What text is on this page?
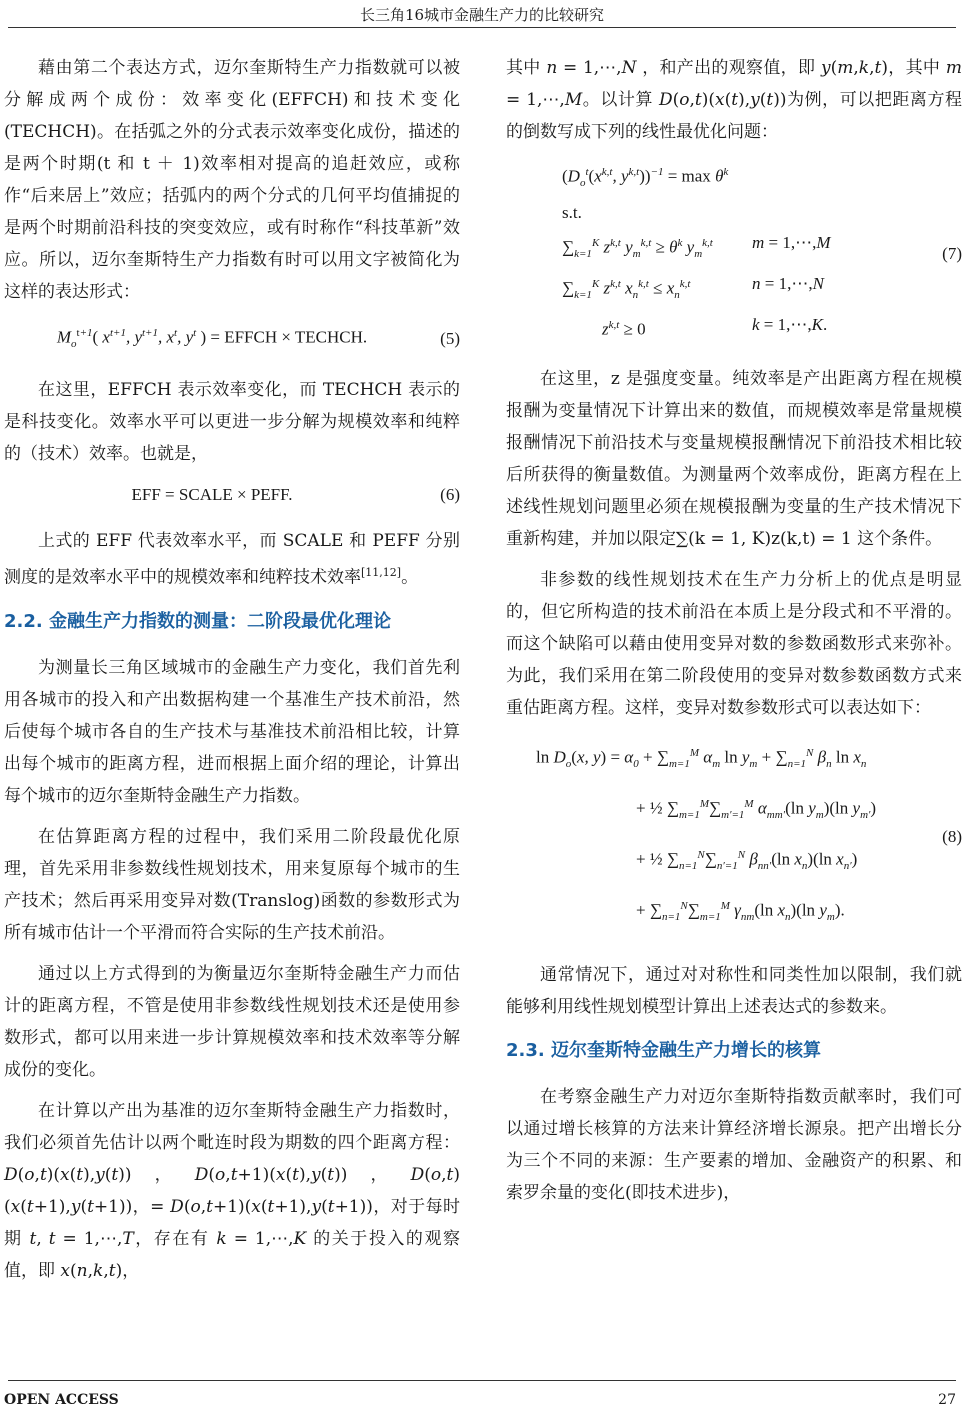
长三角16城市金融生产力的比较研究

藉由第二个表达方式，迈尔奎斯特生产力指数就可以被分解成两个成份：效率变化(EFFCH)和技术变化(TECHCH)。在括弧之外的分式表示效率变化成份，描述的是两个时期(t 和 t ＋ 1)效率相对提高的追赶效应，或称作“后来居上”效应；括弧内的两个分式的几何平均值捕捉的是两个时期前沿科技的突变效应，或有时称作“科技革新”效应。所以，迈尔奎斯特生产力指数有时可以用文字被简化为这样的表达形式：

$M_o^{t+1}$( $x^{t+1}$, $y^{t+1}$, $x^t$, $y^t$ ) = EFFCH × TECHCH.	(5)

在这里，EFFCH 表示效率变化，而 TECHCH 表示的是科技变化。效率水平可以更进一步分解为规模效率和纯粹的（技术）效率。也就是，

EFF = SCALE × PEFF.	(6)

上式的 EFF 代表效率水平，而 SCALE 和 PEFF 分别测度的是效率水平中的规模效率和纯粹技术效率[11,12]。

2.2. 金融生产力指数的测量：二阶段最优化理论

为测量长三角区域城市的金融生产力变化，我们首先利用各城市的投入和产出数据构建一个基准生产技术前沿，然后使每个城市各自的生产技术与基准技术前沿相比较，计算出每个城市的距离方程，进而根据上面介绍的理论，计算出每个城市的迈尔奎斯特金融生产力指数。

在估算距离方程的过程中，我们采用二阶段最优化原理，首先采用非参数线性规划技术，用来复原每个城市的生产技术；然后再采用变异对数(Translog)函数的参数形式为所有城市估计一个平滑而符合实际的生产技术前沿。

通过以上方式得到的为衡量迈尔奎斯特金融生产力而估计的距离方程，不管是使用非参数线性规划技术还是使用参数形式，都可以用来进一步计算规模效率和技术效率等分解成份的变化。

在计算以产出为基准的迈尔奎斯特金融生产力指数时，我们必须首先估计以两个毗连时段为期数的四个距离方程： D(o,t)(x(t),y(t))，D(o,t+1)(x(t),y(t))，D(o,t)(x(t+1),y(t+1))，= D(o,t+1)(x(t+1),y(t+1))，对于每时期 t, t = 1,⋯,T，存在有 k = 1,⋯,K 的关于投入的观察值，即 x(n,k,t)，

其中 n = 1,⋯,N ，和产出的观察值，即 y(m,k,t)，其中 m = 1,⋯,M。以计算 D(o,t)(x(t),y(t))为例，可以把距离方程的倒数写成下列的线性最优化问题：

($D_o^t(x^{k,t}$, $y^{k,t}))^{-1} = \max \theta^k$
s.t.
$\sum_{k=1}^K$ $z^{k,t}$ $y_m^{k,t} \ge \theta^k$ $y_m^{k,t}$	m = 1,⋯,M
$\sum_{k=1}^K$ $z^{k,t}$ $x_n^{k,t} \le x_n^{k,t}$	n = 1,⋯,N
$z^{k,t} \ge 0$	k = 1,⋯,K.
(7)

在这里，z 是强度变量。纯效率是产出距离方程在规模报酬为变量情况下计算出来的数值，而规模效率是常量规模报酬情况下前沿技术与变量规模报酬情况下前沿技术相比较后所获得的衡量数值。为测量两个效率成份，距离方程在上述线性规划问题里必须在规模报酬为变量的生产技术情况下重新构建，并加以限定∑(k = 1, K)z(k,t) = 1 这个条件。

非参数的线性规划技术在生产力分析上的优点是明显的，但它所构造的技术前沿在本质上是分段式和不平滑的。而这个缺陷可以藉由使用变异对数的参数函数形式来弥补。为此，我们采用在第二阶段使用的变异对数参数函数方式来重估距离方程。这样，变异对数参数形式可以表达如下：

$\ln D_o(x$, $y) = \alpha_0 + \sum_{m=1}^M$ $\alpha_m$ $\ln y_m + \sum_{n=1}^N$ $\beta_n$ $\ln x_n$
+ ½ $\sum_{m=1}^M\sum_{m'=1}^M$ $\alpha_{mm'}(\ln$ $y_m)(\ln$ $y_{m'}$)
+ ½ $\sum_{n=1}^N\sum_{n'=1}^N$ $\beta_{nn'}(\ln$ $x_n)(\ln$ $x_{n'}$)
+ $\sum_{n=1}^N\sum_{m=1}^M$ $\gamma_{nm}(\ln$ $x_n)(\ln$ $y_m$).
(8)

通常情况下，通过对对称性和同类性加以限制，我们就能够利用线性规划模型计算出上述表达式的参数来。

2.3. 迈尔奎斯特金融生产力增长的核算

在考察金融生产力对迈尔奎斯特指数贡献率时，我们可以通过增长核算的方法来计算经济增长源泉。把产出增长分为三个不同的来源：生产要素的增加、金融资产的积累、和索罗余量的变化(即技术进步)，

OPEN ACCESS	27
